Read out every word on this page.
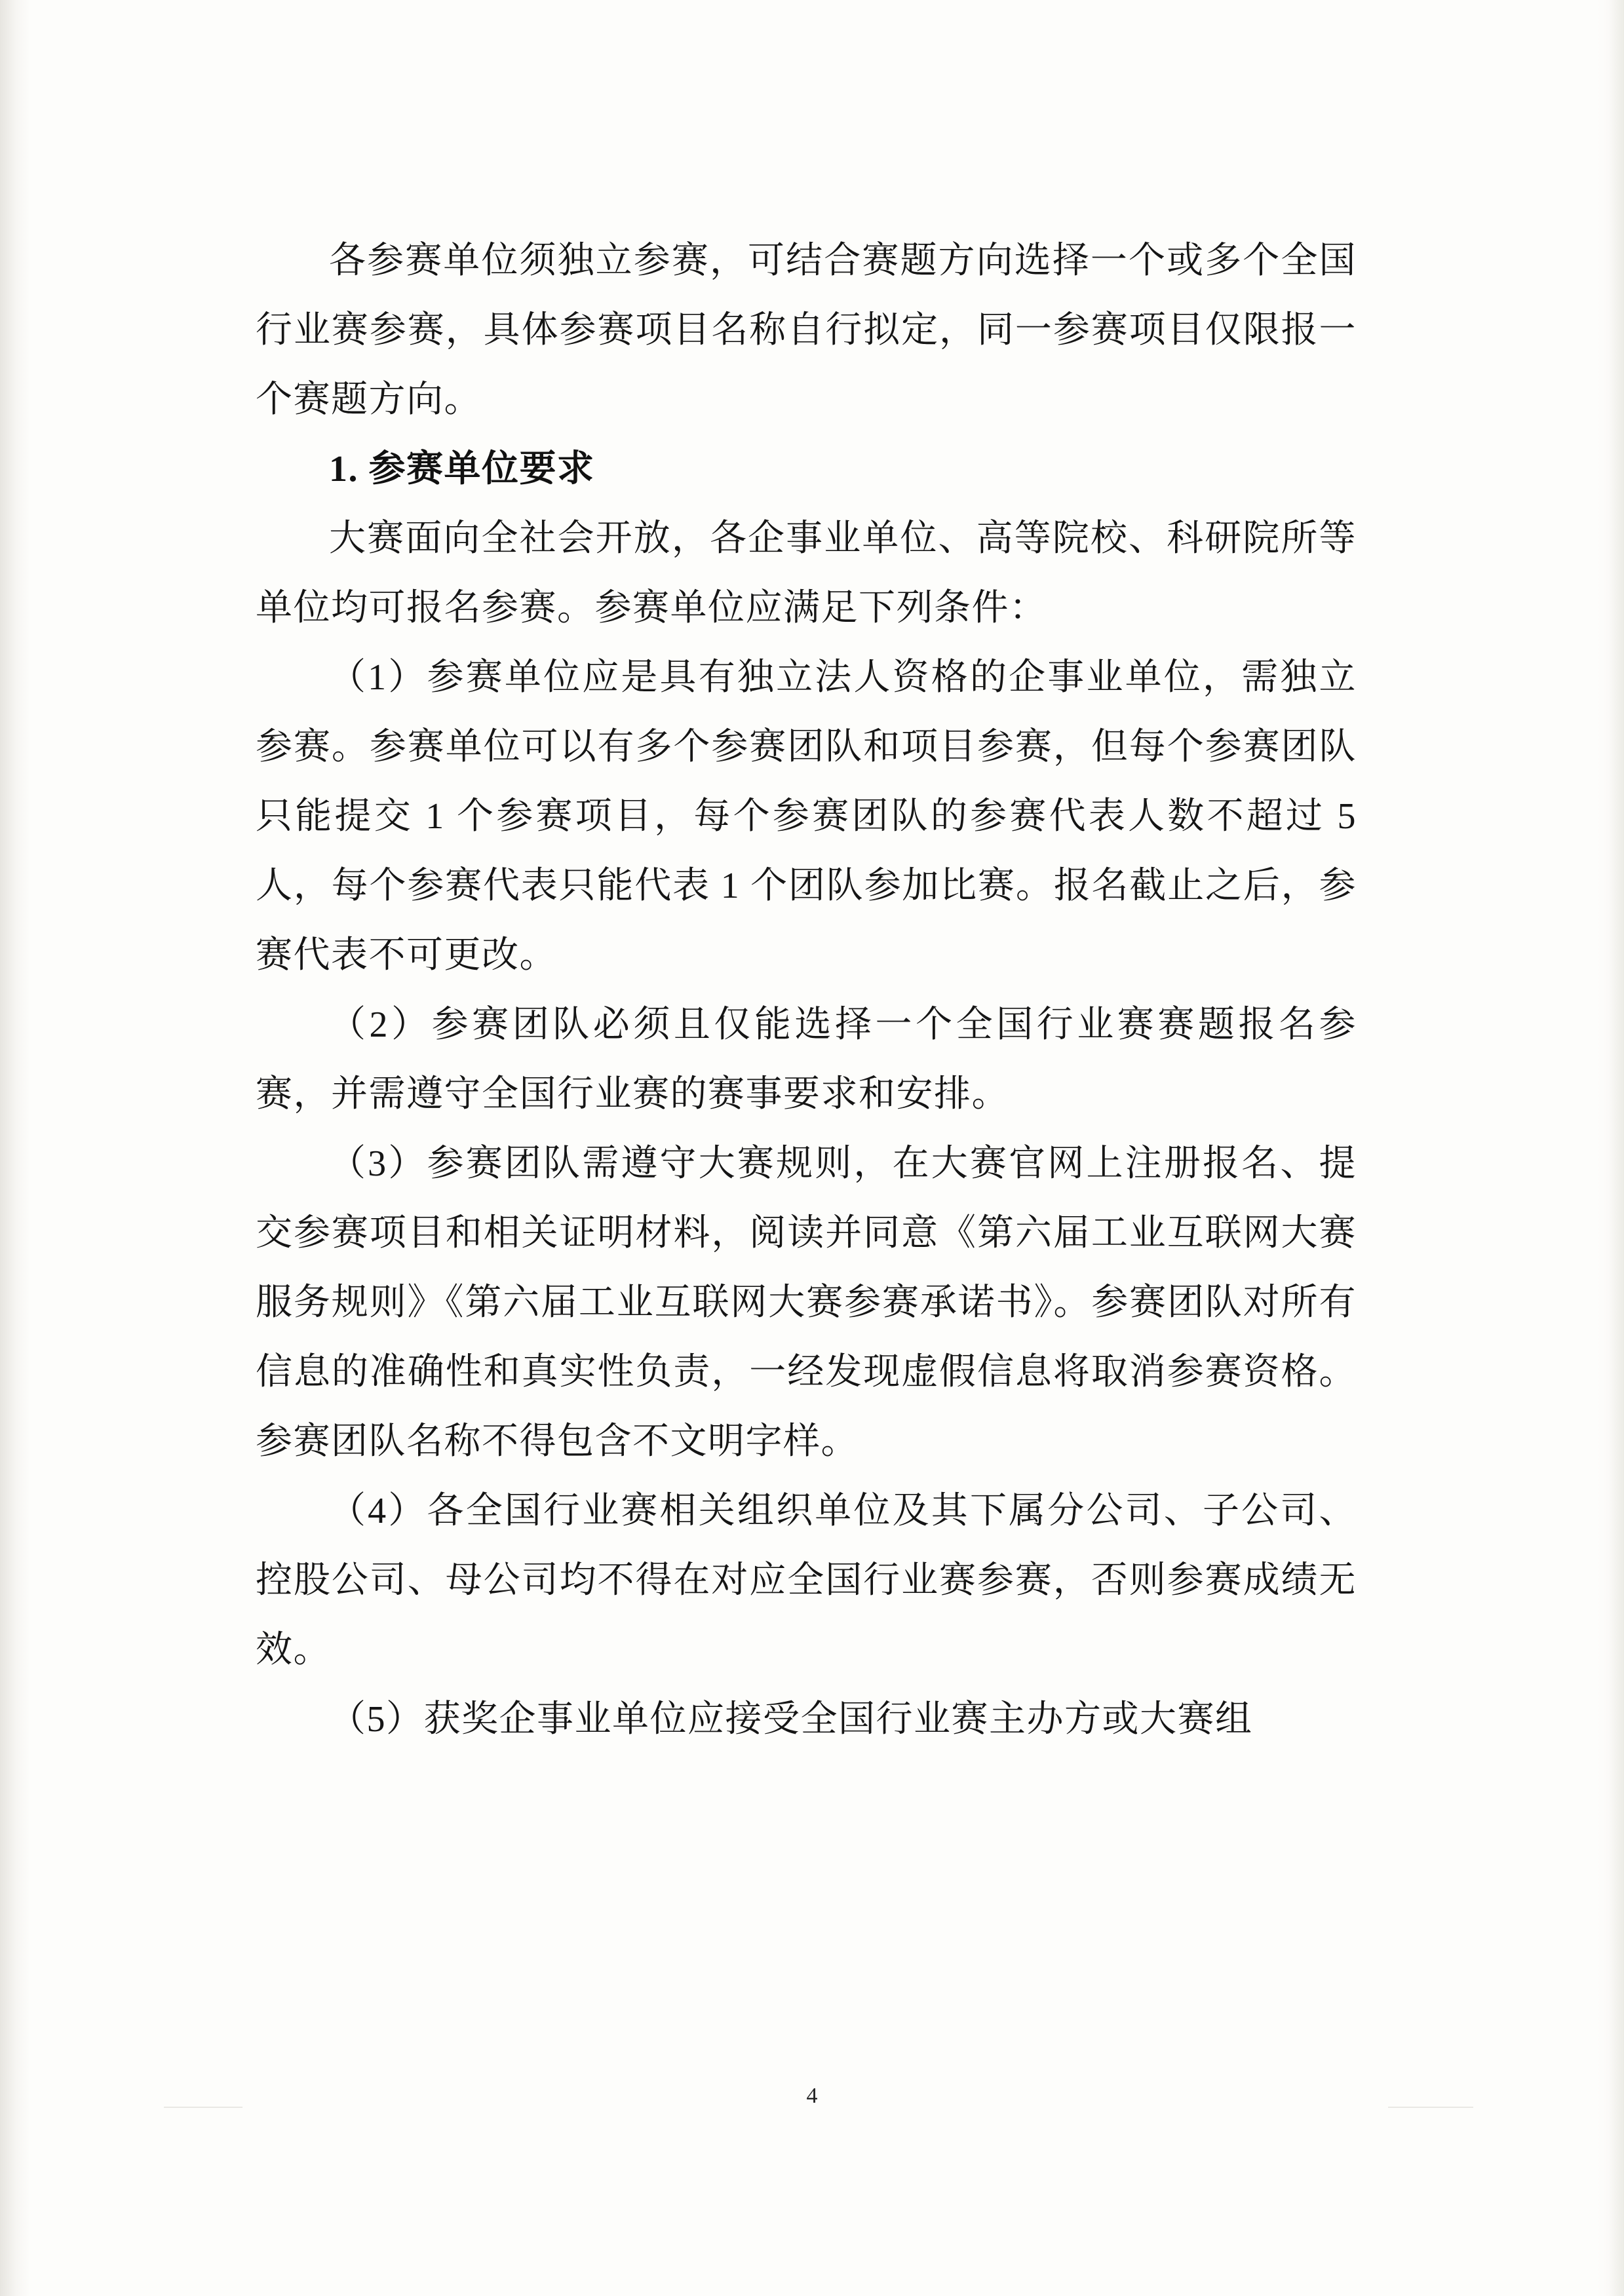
各参赛单位须独立参赛，可结合赛题方向选择一个或多个全国行业赛参赛，具体参赛项目名称自行拟定，同一参赛项目仅限报一个赛题方向。

1. 参赛单位要求

大赛面向全社会开放，各企事业单位、高等院校、科研院所等单位均可报名参赛。参赛单位应满足下列条件：

（1）参赛单位应是具有独立法人资格的企事业单位，需独立参赛。参赛单位可以有多个参赛团队和项目参赛，但每个参赛团队只能提交 1 个参赛项目，每个参赛团队的参赛代表人数不超过 5 人，每个参赛代表只能代表 1 个团队参加比赛。报名截止之后，参赛代表不可更改。

（2）参赛团队必须且仅能选择一个全国行业赛赛题报名参赛，并需遵守全国行业赛的赛事要求和安排。

（3）参赛团队需遵守大赛规则，在大赛官网上注册报名、提交参赛项目和相关证明材料，阅读并同意《第六届工业互联网大赛服务规则》《第六届工业互联网大赛参赛承诺书》。参赛团队对所有信息的准确性和真实性负责，一经发现虚假信息将取消参赛资格。参赛团队名称不得包含不文明字样。

（4）各全国行业赛相关组织单位及其下属分公司、子公司、控股公司、母公司均不得在对应全国行业赛参赛，否则参赛成绩无效。

（5）获奖企事业单位应接受全国行业赛主办方或大赛组

4
